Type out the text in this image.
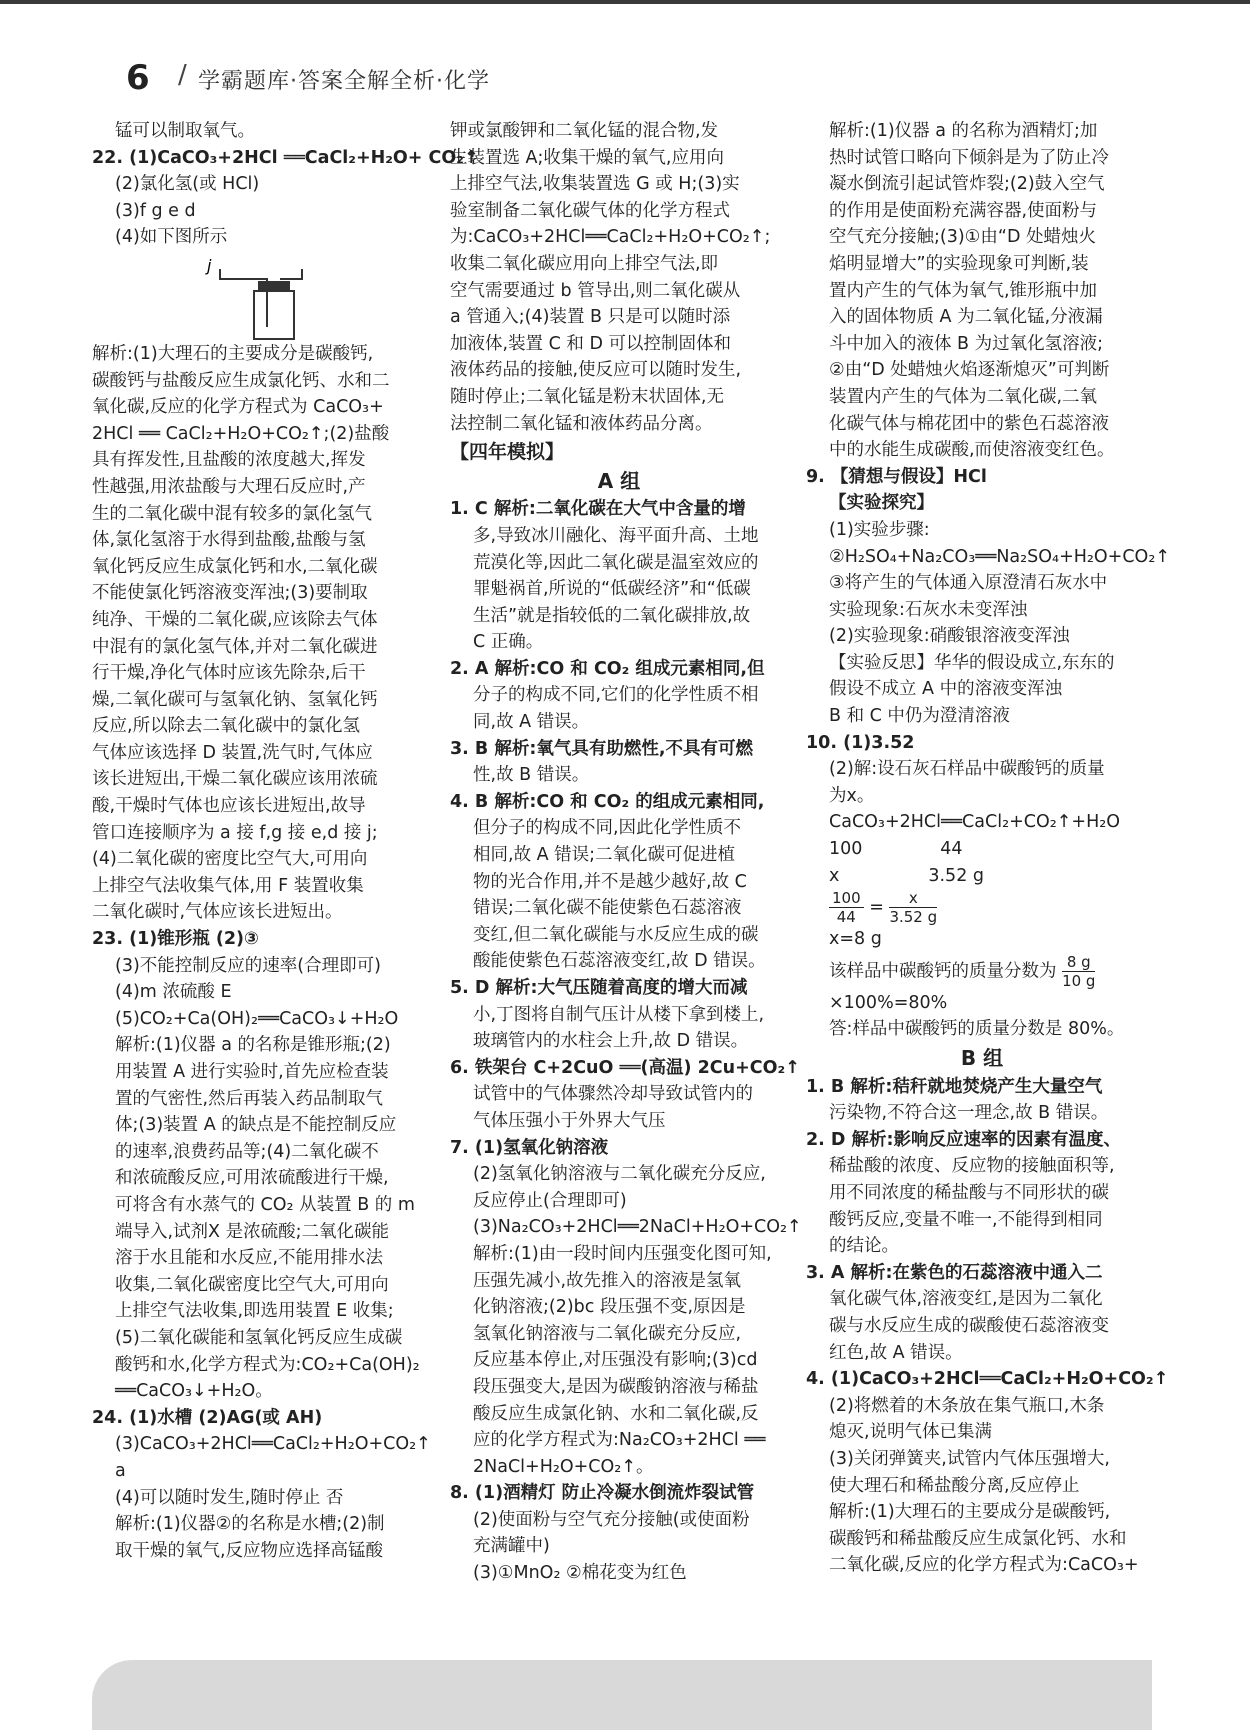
6 / 学霸题库·答案全解全析·化学

锰可以制取氧气。

22. (1)CaCO₃+2HCl ══CaCl₂+H₂O+ CO₂↑

(2)氯化氢(或 HCl)

(3)f g e d

(4)如下图所示

j

解析:(1)大理石的主要成分是碳酸钙,

碳酸钙与盐酸反应生成氯化钙、水和二

氧化碳,反应的化学方程式为 CaCO₃+

2HCl ══ CaCl₂+H₂O+CO₂↑;(2)盐酸

具有挥发性,且盐酸的浓度越大,挥发

性越强,用浓盐酸与大理石反应时,产

生的二氧化碳中混有较多的氯化氢气

体,氯化氢溶于水得到盐酸,盐酸与氢

氧化钙反应生成氯化钙和水,二氧化碳

不能使氯化钙溶液变浑浊;(3)要制取

纯净、干燥的二氧化碳,应该除去气体

中混有的氯化氢气体,并对二氧化碳进

行干燥,净化气体时应该先除杂,后干

燥,二氧化碳可与氢氧化钠、氢氧化钙

反应,所以除去二氧化碳中的氯化氢

气体应该选择 D 装置,洗气时,气体应

该长进短出,干燥二氧化碳应该用浓硫

酸,干燥时气体也应该长进短出,故导

管口连接顺序为 a 接 f,g 接 e,d 接 j;

(4)二氧化碳的密度比空气大,可用向

上排空气法收集气体,用 F 装置收集

二氧化碳时,气体应该长进短出。

23. (1)锥形瓶 (2)③

(3)不能控制反应的速率(合理即可)

(4)m 浓硫酸 E

(5)CO₂+Ca(OH)₂══CaCO₃↓+H₂O

解析:(1)仪器 a 的名称是锥形瓶;(2)

用装置 A 进行实验时,首先应检查装

置的气密性,然后再装入药品制取气

体;(3)装置 A 的缺点是不能控制反应

的速率,浪费药品等;(4)二氧化碳不

和浓硫酸反应,可用浓硫酸进行干燥,

可将含有水蒸气的 CO₂ 从装置 B 的 m

端导入,试剂X 是浓硫酸;二氧化碳能

溶于水且能和水反应,不能用排水法

收集,二氧化碳密度比空气大,可用向

上排空气法收集,即选用装置 E 收集;

(5)二氧化碳能和氢氧化钙反应生成碳

酸钙和水,化学方程式为:CO₂+Ca(OH)₂

══CaCO₃↓+H₂O。

24. (1)水槽 (2)AG(或 AH)

(3)CaCO₃+2HCl══CaCl₂+H₂O+CO₂↑

a

(4)可以随时发生,随时停止 否

解析:(1)仪器②的名称是水槽;(2)制

取干燥的氧气,反应物应选择高锰酸

钾或氯酸钾和二氧化锰的混合物,发

生装置选 A;收集干燥的氧气,应用向

上排空气法,收集装置选 G 或 H;(3)实

验室制备二氧化碳气体的化学方程式

为:CaCO₃+2HCl══CaCl₂+H₂O+CO₂↑;

收集二氧化碳应用向上排空气法,即

空气需要通过 b 管导出,则二氧化碳从

a 管通入;(4)装置 B 只是可以随时添

加液体,装置 C 和 D 可以控制固体和

液体药品的接触,使反应可以随时发生,

随时停止;二氧化锰是粉末状固体,无

法控制二氧化锰和液体药品分离。

【四年模拟】

A 组

1. C 解析:二氧化碳在大气中含量的增

多,导致冰川融化、海平面升高、土地

荒漠化等,因此二氧化碳是温室效应的

罪魁祸首,所说的“低碳经济”和“低碳

生活”就是指较低的二氧化碳排放,故

C 正确。

2. A 解析:CO 和 CO₂ 组成元素相同,但

分子的构成不同,它们的化学性质不相

同,故 A 错误。

3. B 解析:氧气具有助燃性,不具有可燃

性,故 B 错误。

4. B 解析:CO 和 CO₂ 的组成元素相同,

但分子的构成不同,因此化学性质不

相同,故 A 错误;二氧化碳可促进植

物的光合作用,并不是越少越好,故 C

错误;二氧化碳不能使紫色石蕊溶液

变红,但二氧化碳能与水反应生成的碳

酸能使紫色石蕊溶液变红,故 D 错误。

5. D 解析:大气压随着高度的增大而减

小,丁图将自制气压计从楼下拿到楼上,

玻璃管内的水柱会上升,故 D 错误。

6. 铁架台 C+2CuO ══(高温) 2Cu+CO₂↑

试管中的气体骤然冷却导致试管内的

气体压强小于外界大气压

7. (1)氢氧化钠溶液

(2)氢氧化钠溶液与二氧化碳充分反应,

反应停止(合理即可)

(3)Na₂CO₃+2HCl══2NaCl+H₂O+CO₂↑

解析:(1)由一段时间内压强变化图可知,

压强先减小,故先推入的溶液是氢氧

化钠溶液;(2)bc 段压强不变,原因是

氢氧化钠溶液与二氧化碳充分反应,

反应基本停止,对压强没有影响;(3)cd

段压强变大,是因为碳酸钠溶液与稀盐

酸反应生成氯化钠、水和二氧化碳,反

应的化学方程式为:Na₂CO₃+2HCl ══

2NaCl+H₂O+CO₂↑。

8. (1)酒精灯 防止冷凝水倒流炸裂试管

(2)使面粉与空气充分接触(或使面粉

充满罐中)

(3)①MnO₂ ②棉花变为红色

解析:(1)仪器 a 的名称为酒精灯;加

热时试管口略向下倾斜是为了防止冷

凝水倒流引起试管炸裂;(2)鼓入空气

的作用是使面粉充满容器,使面粉与

空气充分接触;(3)①由“D 处蜡烛火

焰明显增大”的实验现象可判断,装

置内产生的气体为氧气,锥形瓶中加

入的固体物质 A 为二氧化锰,分液漏

斗中加入的液体 B 为过氧化氢溶液;

②由“D 处蜡烛火焰逐渐熄灭”可判断

装置内产生的气体为二氧化碳,二氧

化碳气体与棉花团中的紫色石蕊溶液

中的水能生成碳酸,而使溶液变红色。

9. 【猜想与假设】HCl

【实验探究】

(1)实验步骤:

②H₂SO₄+Na₂CO₃══Na₂SO₄+H₂O+CO₂↑

③将产生的气体通入原澄清石灰水中

实验现象:石灰水未变浑浊

(2)实验现象:硝酸银溶液变浑浊

【实验反思】华华的假设成立,东东的

假设不成立 A 中的溶液变浑浊

B 和 C 中仍为澄清溶液

10. (1)3.52

(2)解:设石灰石样品中碳酸钙的质量

为x。

CaCO₃+2HCl══CaCl₂+CO₂↑+H₂O

100              44

x                3.52 g

$\frac{100}{44} = \frac{x}{3.52 g}$

x=8 g

该样品中碳酸钙的质量分数为 $\frac{8 g}{10 g}$

×100%=80%

答:样品中碳酸钙的质量分数是 80%。

B 组

1. B 解析:秸秆就地焚烧产生大量空气

污染物,不符合这一理念,故 B 错误。

2. D 解析:影响反应速率的因素有温度、

稀盐酸的浓度、反应物的接触面积等,

用不同浓度的稀盐酸与不同形状的碳

酸钙反应,变量不唯一,不能得到相同

的结论。

3. A 解析:在紫色的石蕊溶液中通入二

氧化碳气体,溶液变红,是因为二氧化

碳与水反应生成的碳酸使石蕊溶液变

红色,故 A 错误。

4. (1)CaCO₃+2HCl══CaCl₂+H₂O+CO₂↑

(2)将燃着的木条放在集气瓶口,木条

熄灭,说明气体已集满

(3)关闭弹簧夹,试管内气体压强增大,

使大理石和稀盐酸分离,反应停止

解析:(1)大理石的主要成分是碳酸钙,

碳酸钙和稀盐酸反应生成氯化钙、水和

二氧化碳,反应的化学方程式为:CaCO₃+
